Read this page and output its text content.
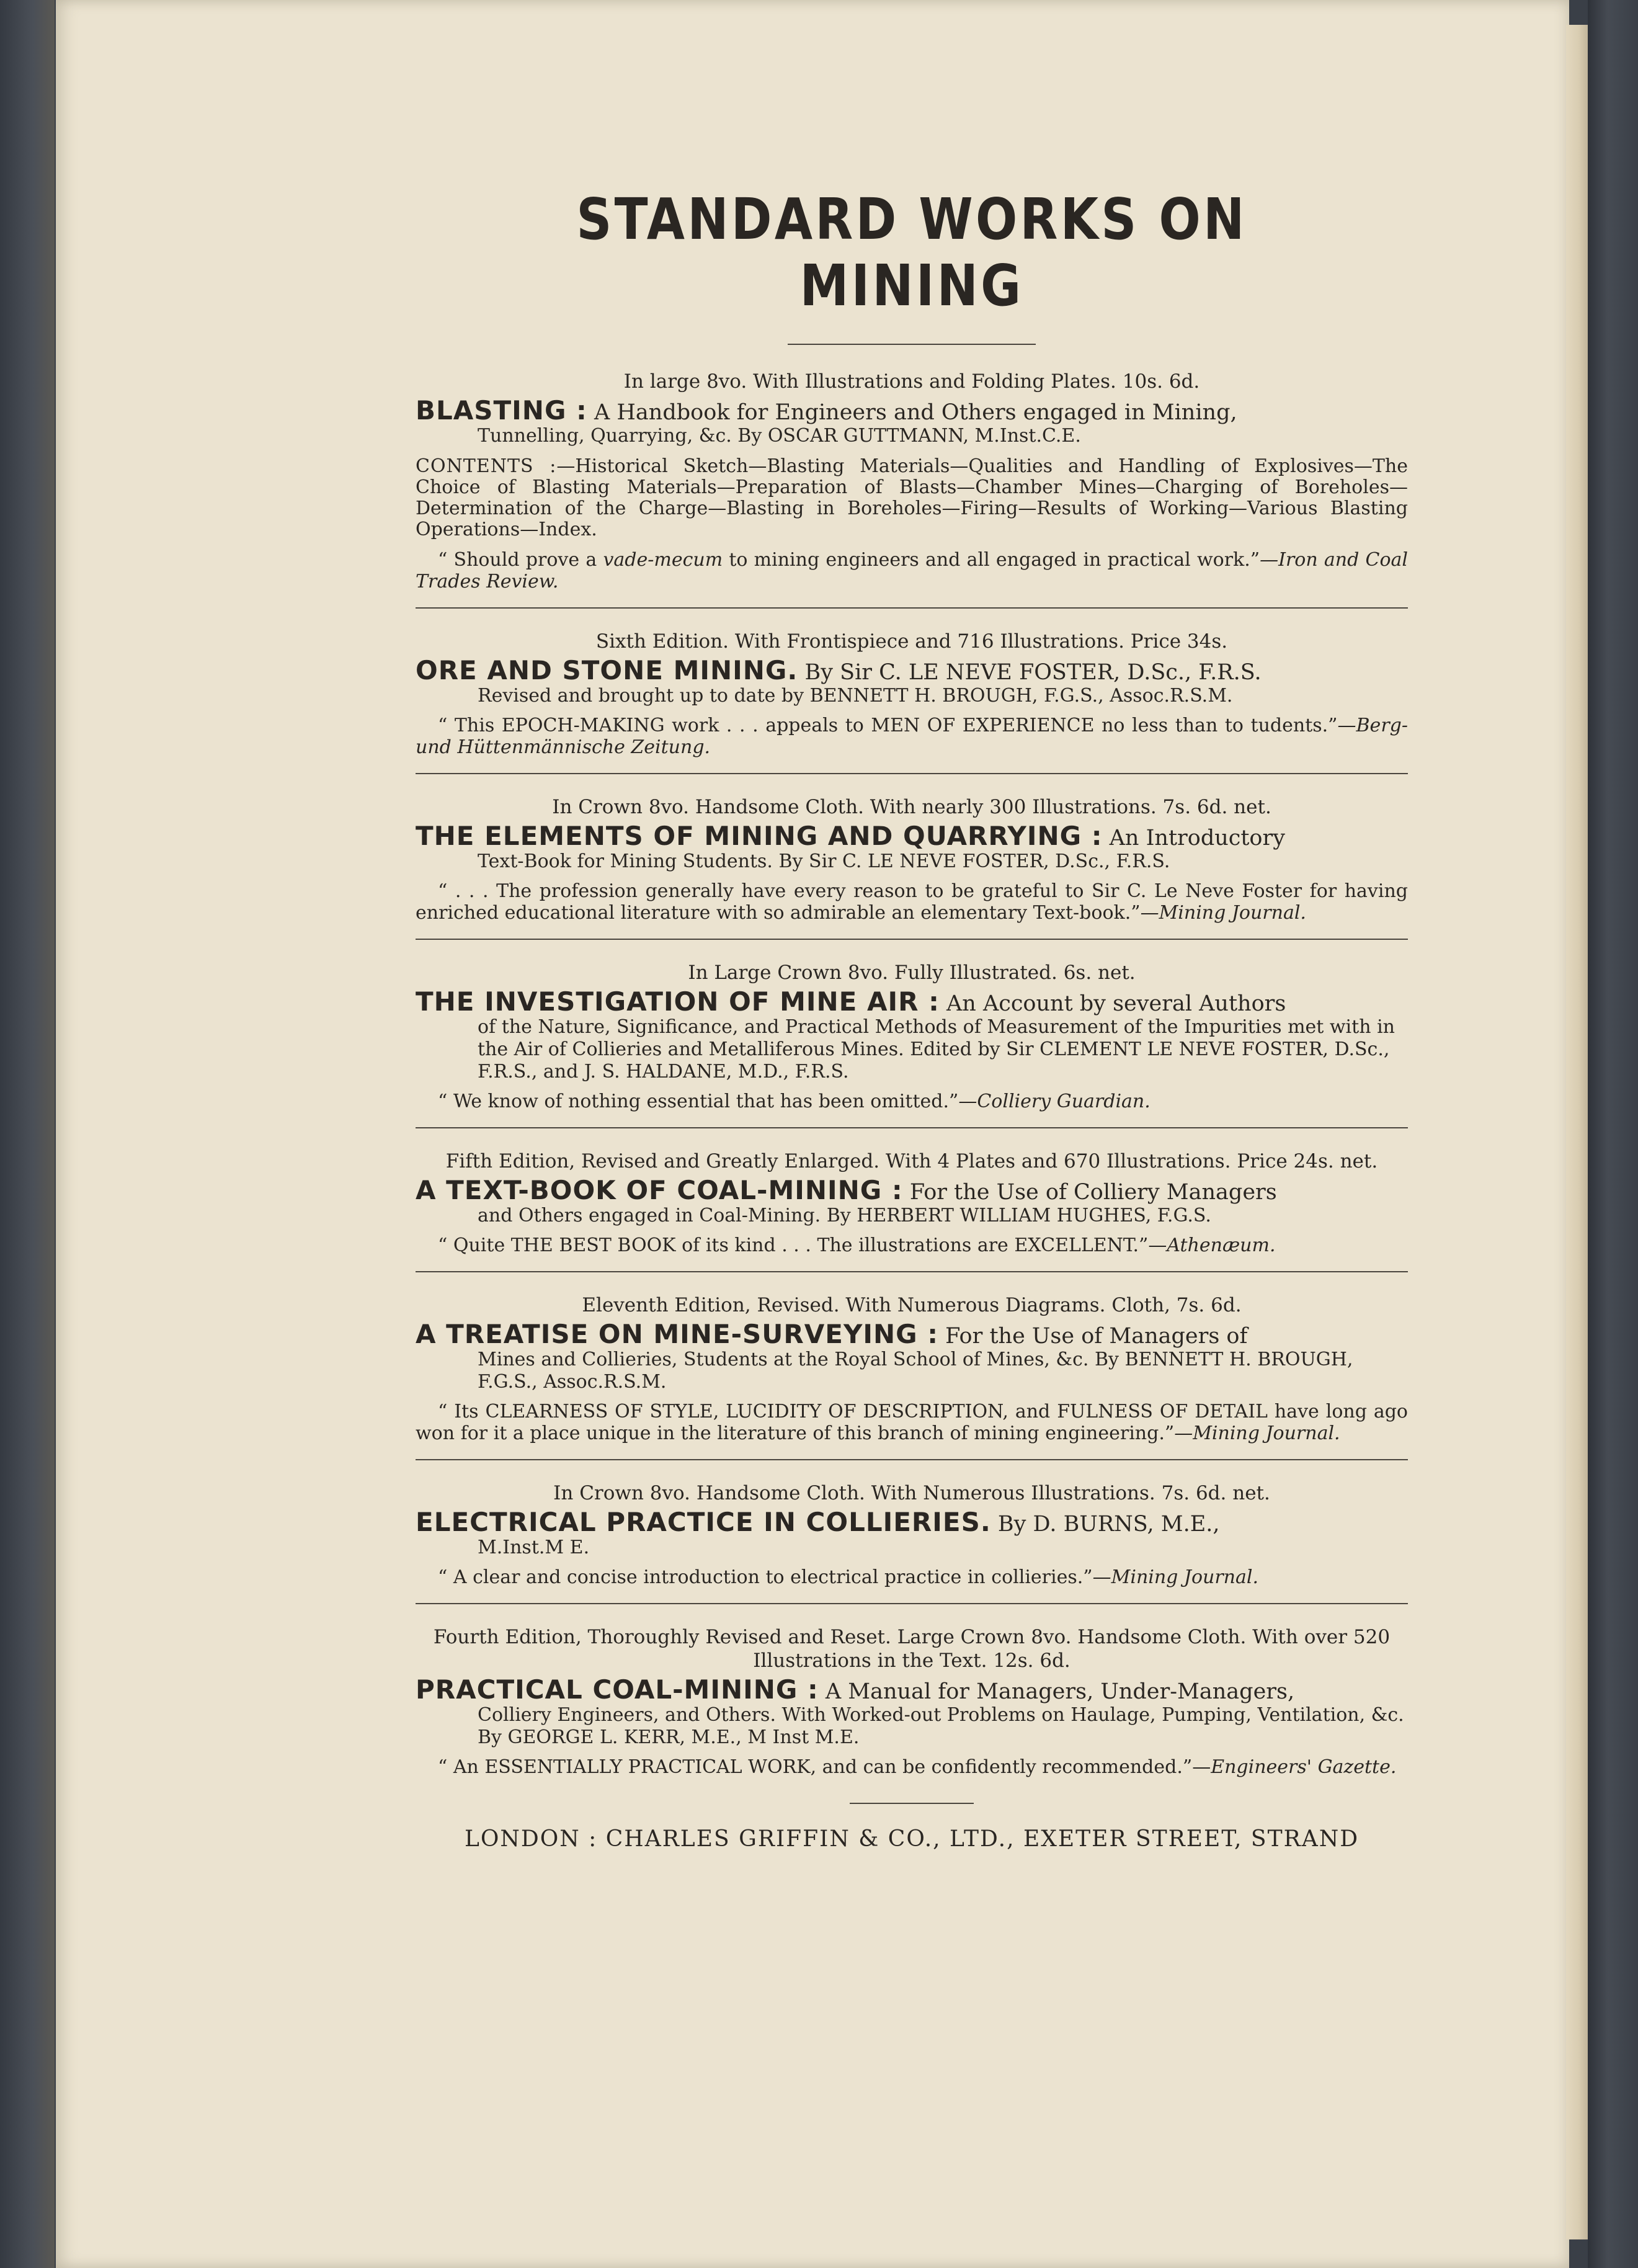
STANDARD WORKS ON MINING

In large 8vo. With Illustrations and Folding Plates. 10s. 6d.

BLASTING : A Handbook for Engineers and Others engaged in Mining,

Tunnelling, Quarrying, &c. By OSCAR GUTTMANN, M.Inst.C.E.

CONTENTS :—Historical Sketch—Blasting Materials—Qualities and Handling of Explosives—The Choice of Blasting Materials—Preparation of Blasts—Chamber Mines—Charging of Boreholes—Determination of the Charge—Blasting in Boreholes—Firing—Results of Working—Various Blasting Operations—Index.

“ Should prove a vade-mecum to mining engineers and all engaged in practical work.”—Iron and Coal Trades Review.

Sixth Edition. With Frontispiece and 716 Illustrations. Price 34s.

ORE AND STONE MINING. By Sir C. LE NEVE FOSTER, D.Sc., F.R.S.

Revised and brought up to date by BENNETT H. BROUGH, F.G.S., Assoc.R.S.M.

“ This EPOCH-MAKING work . . . appeals to MEN OF EXPERIENCE no less than to tudents.”—Berg- und Hüttenmännische Zeitung.

In Crown 8vo. Handsome Cloth. With nearly 300 Illustrations. 7s. 6d. net.

THE ELEMENTS OF MINING AND QUARRYING : An Introductory

Text-Book for Mining Students. By Sir C. LE NEVE FOSTER, D.Sc., F.R.S.

“ . . . The profession generally have every reason to be grateful to Sir C. Le Neve Foster for having enriched educational literature with so admirable an elementary Text-book.”—Mining Journal.

In Large Crown 8vo. Fully Illustrated. 6s. net.

THE INVESTIGATION OF MINE AIR : An Account by several Authors

of the Nature, Significance, and Practical Methods of Measurement of the Impurities met with in the Air of Collieries and Metalliferous Mines. Edited by Sir CLEMENT LE NEVE FOSTER, D.Sc., F.R.S., and J. S. HALDANE, M.D., F.R.S.

“ We know of nothing essential that has been omitted.”—Colliery Guardian.

Fifth Edition, Revised and Greatly Enlarged. With 4 Plates and 670 Illustrations. Price 24s. net.

A TEXT-BOOK OF COAL-MINING : For the Use of Colliery Managers

and Others engaged in Coal-Mining. By HERBERT WILLIAM HUGHES, F.G.S.

“ Quite THE BEST BOOK of its kind . . . The illustrations are EXCELLENT.”—Athenæum.

Eleventh Edition, Revised. With Numerous Diagrams. Cloth, 7s. 6d.

A TREATISE ON MINE-SURVEYING : For the Use of Managers of

Mines and Collieries, Students at the Royal School of Mines, &c. By BENNETT H. BROUGH, F.G.S., Assoc.R.S.M.

“ Its CLEARNESS OF STYLE, LUCIDITY OF DESCRIPTION, and FULNESS OF DETAIL have long ago won for it a place unique in the literature of this branch of mining engineering.”—Mining Journal.

In Crown 8vo. Handsome Cloth. With Numerous Illustrations. 7s. 6d. net.

ELECTRICAL PRACTICE IN COLLIERIES. By D. BURNS, M.E.,

M.Inst.M E.

“ A clear and concise introduction to electrical practice in collieries.”—Mining Journal.

Fourth Edition, Thoroughly Revised and Reset. Large Crown 8vo. Handsome Cloth. With over 520 Illustrations in the Text. 12s. 6d.

PRACTICAL COAL-MINING : A Manual for Managers, Under-Managers,

Colliery Engineers, and Others. With Worked-out Problems on Haulage, Pumping, Ventilation, &c. By GEORGE L. KERR, M.E., M Inst M.E.

“ An ESSENTIALLY PRACTICAL WORK, and can be confidently recommended.”—Engineers' Gazette.

LONDON : CHARLES GRIFFIN & CO., LTD., EXETER STREET, STRAND
